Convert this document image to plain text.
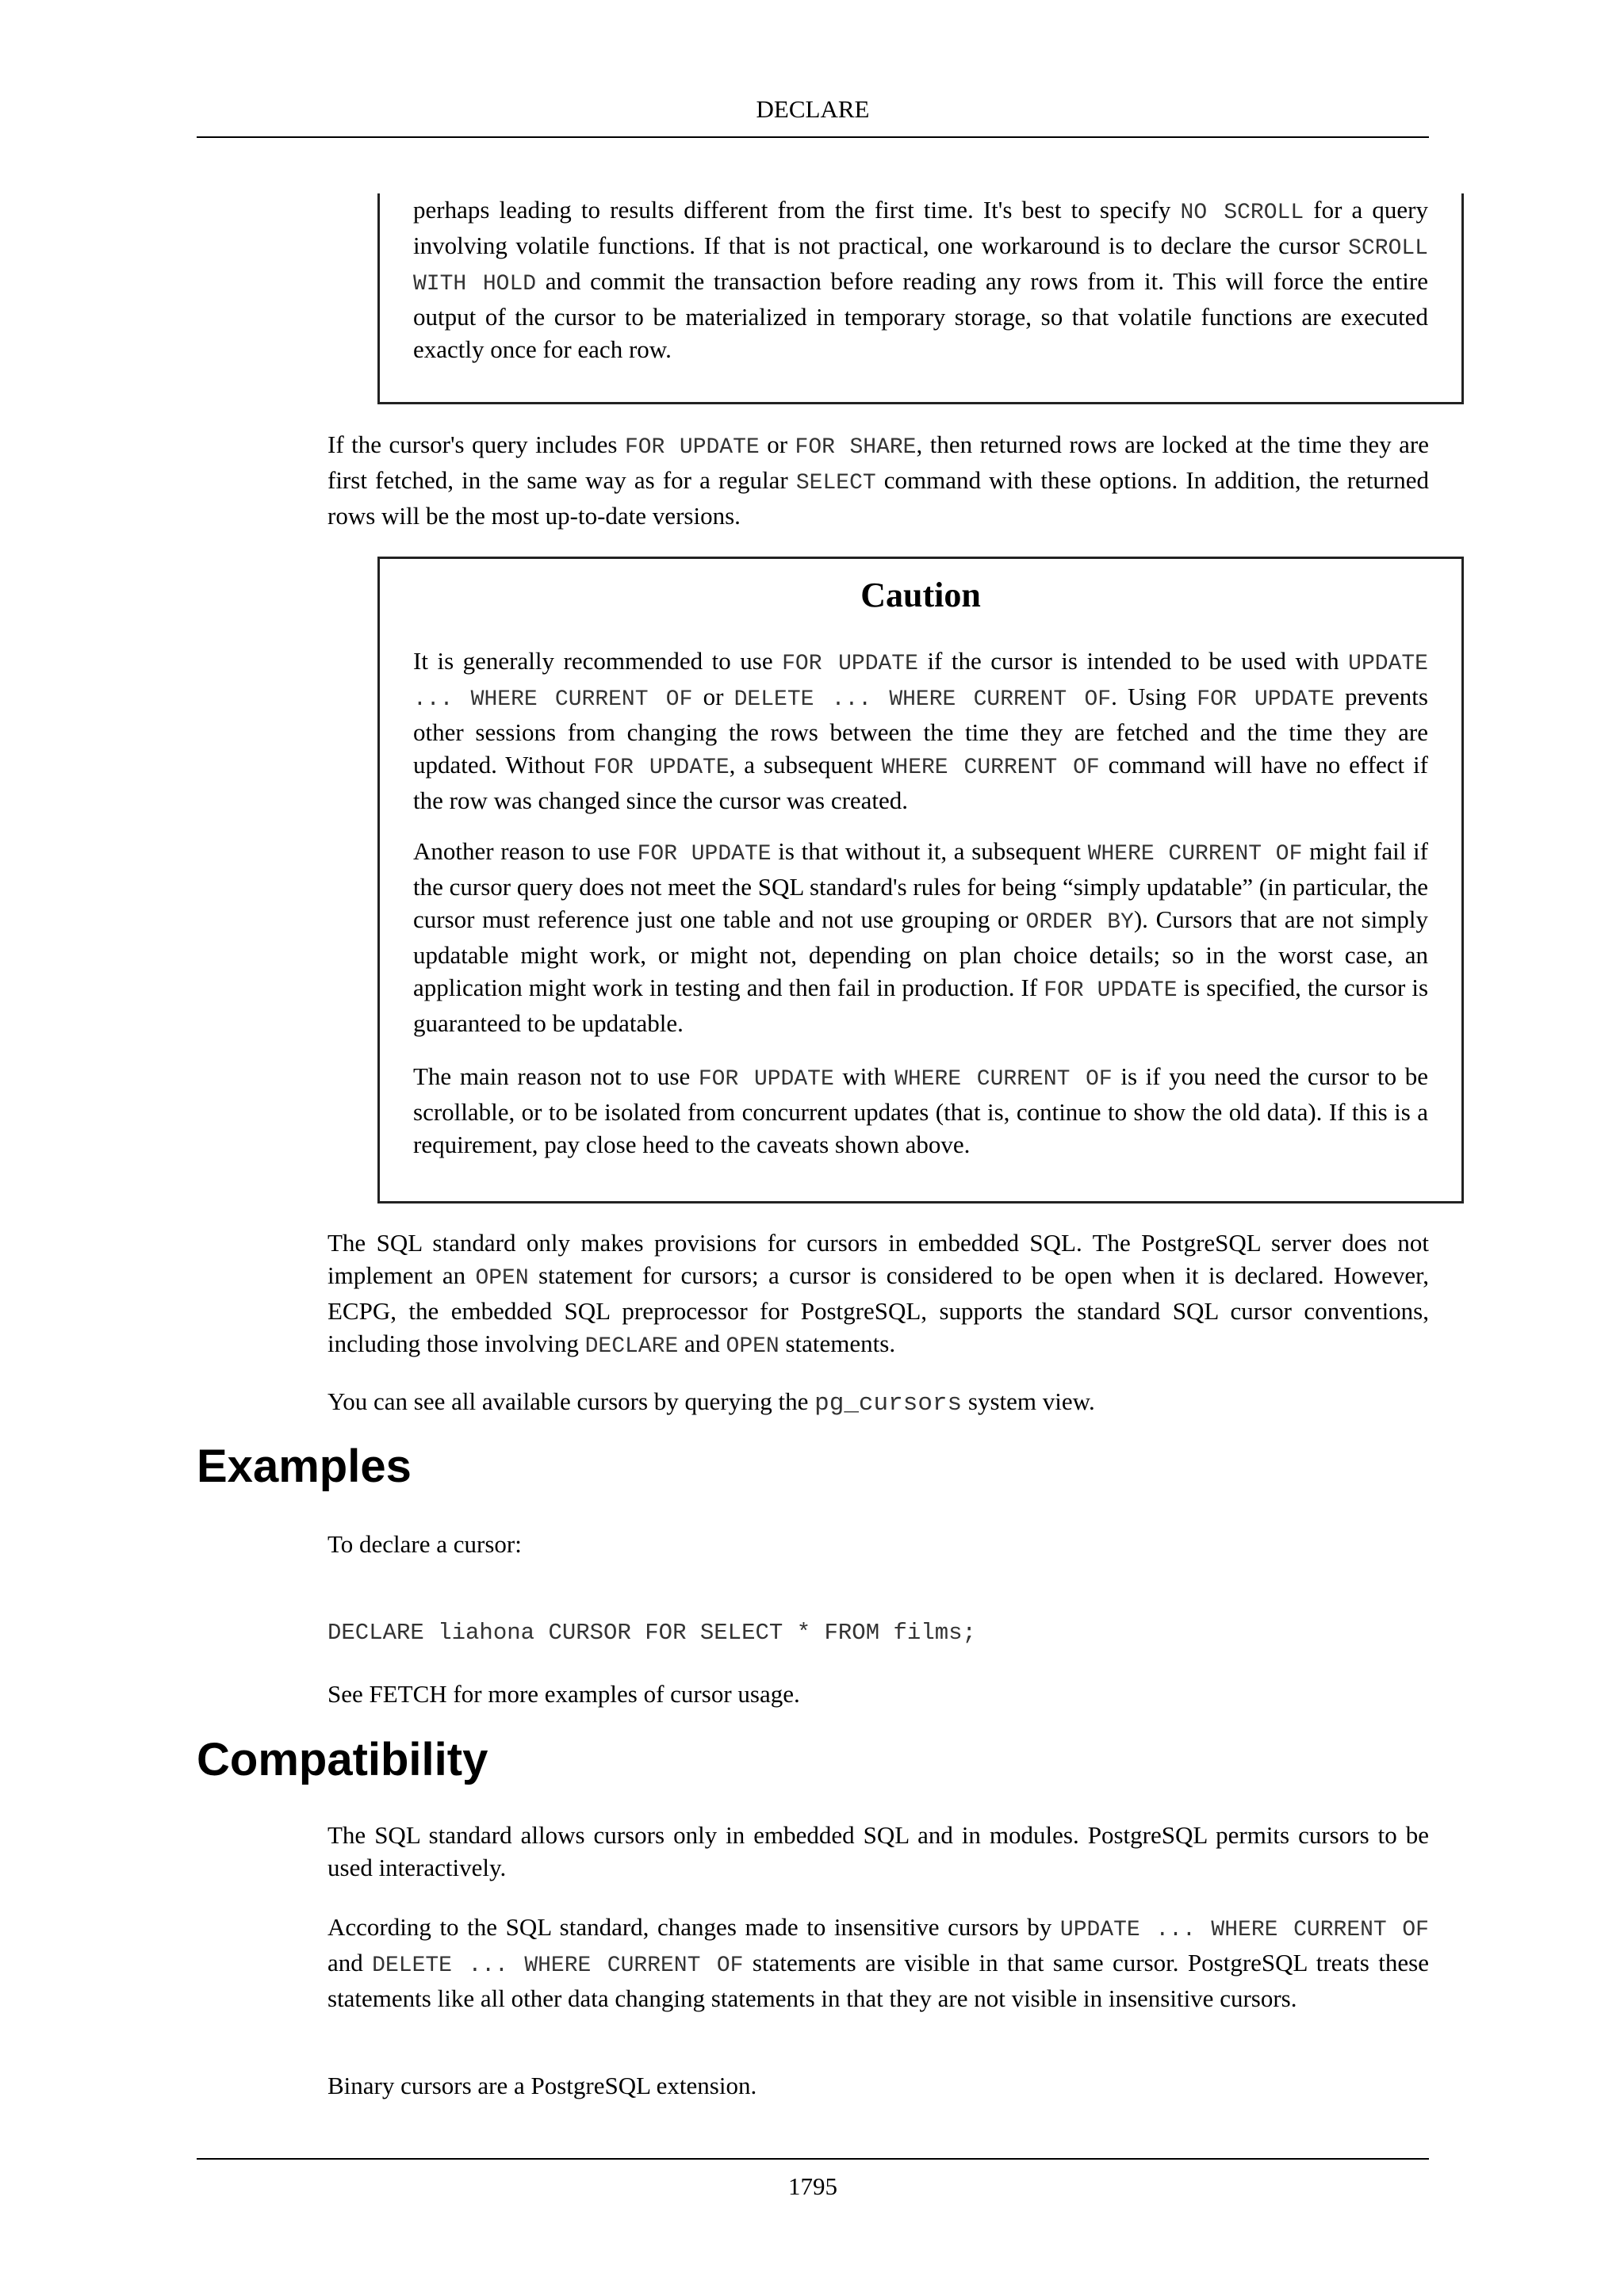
DECLARE

perhaps leading to results different from the first time. It's best to specify NO SCROLL for a query involving volatile functions. If that is not practical, one workaround is to declare the cursor SCROLL WITH HOLD and commit the transaction before reading any rows from it. This will force the entire output of the cursor to be materialized in temporary storage, so that volatile functions are executed exactly once for each row.

If the cursor's query includes FOR UPDATE or FOR SHARE, then returned rows are locked at the time they are first fetched, in the same way as for a regular SELECT command with these options. In addition, the returned rows will be the most up-to-date versions.

Caution

It is generally recommended to use FOR UPDATE if the cursor is intended to be used with UPDATE ... WHERE CURRENT OF or DELETE ... WHERE CURRENT OF. Using FOR UPDATE prevents other sessions from changing the rows between the time they are fetched and the time they are updated. Without FOR UPDATE, a subsequent WHERE CURRENT OF command will have no effect if the row was changed since the cursor was created.

Another reason to use FOR UPDATE is that without it, a subsequent WHERE CURRENT OF might fail if the cursor query does not meet the SQL standard's rules for being “simply updatable” (in particular, the cursor must reference just one table and not use grouping or ORDER BY). Cursors that are not simply updatable might work, or might not, depending on plan choice details; so in the worst case, an application might work in testing and then fail in production. If FOR UPDATE is specified, the cursor is guaranteed to be updatable.

The main reason not to use FOR UPDATE with WHERE CURRENT OF is if you need the cursor to be scrollable, or to be isolated from concurrent updates (that is, continue to show the old data). If this is a requirement, pay close heed to the caveats shown above.

The SQL standard only makes provisions for cursors in embedded SQL. The PostgreSQL server does not implement an OPEN statement for cursors; a cursor is considered to be open when it is declared. However, ECPG, the embedded SQL preprocessor for PostgreSQL, supports the standard SQL cursor conventions, including those involving DECLARE and OPEN statements.

You can see all available cursors by querying the pg_cursors system view.

Examples
To declare a cursor:
DECLARE liahona CURSOR FOR SELECT * FROM films;
See FETCH for more examples of cursor usage.
Compatibility
The SQL standard allows cursors only in embedded SQL and in modules. PostgreSQL permits cursors to be used interactively.

According to the SQL standard, changes made to insensitive cursors by UPDATE ... WHERE CURRENT OF and DELETE ... WHERE CURRENT OF statements are visible in that same cursor. PostgreSQL treats these statements like all other data changing statements in that they are not visible in insensitive cursors.

Binary cursors are a PostgreSQL extension.
1795
